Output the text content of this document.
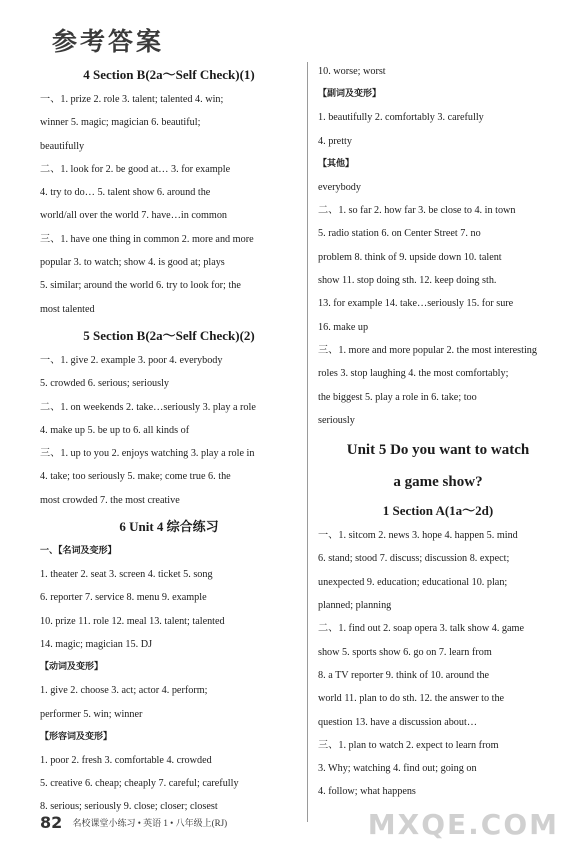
参考答案
4 Section B(2a～Self Check)(1)
一、1. prize 2. role 3. talent; talented 4. win;
winner 5. magic; magician 6. beautiful;
beautifully
二、1. look for 2. be good at… 3. for example
4. try to do… 5. talent show 6. around the
world/all over the world 7. have…in common
三、1. have one thing in common 2. more and more
popular 3. to watch; show 4. is good at; plays
5. similar; around the world 6. try to look for; the
most talented
5 Section B(2a～Self Check)(2)
一、1. give 2. example 3. poor 4. everybody
5. crowded 6. serious; seriously
二、1. on weekends 2. take…seriously 3. play a role
4. make up 5. be up to 6. all kinds of
三、1. up to you 2. enjoys watching 3. play a role in
4. take; too seriously 5. make; come true 6. the
most crowded 7. the most creative
6 Unit 4 综合练习
一、【名词及变形】
1. theater 2. seat 3. screen 4. ticket 5. song
6. reporter 7. service 8. menu 9. example
10. prize 11. role 12. meal 13. talent; talented
14. magic; magician 15. DJ
【动词及变形】
1. give 2. choose 3. act; actor 4. perform;
performer 5. win; winner
【形容词及变形】
1. poor 2. fresh 3. comfortable 4. crowded
5. creative 6. cheap; cheaply 7. careful; carefully
8. serious; seriously 9. close; closer; closest
10. worse; worst
【副词及变形】
1. beautifully 2. comfortably 3. carefully
4. pretty
【其他】
everybody
二、1. so far 2. how far 3. be close to 4. in town
5. radio station 6. on Center Street 7. no
problem 8. think of 9. upside down 10. talent
show 11. stop doing sth. 12. keep doing sth.
13. for example 14. take…seriously 15. for sure
16. make up
三、1. more and more popular 2. the most interesting
roles 3. stop laughing 4. the most comfortably;
the biggest 5. play a role in 6. take; too
seriously
Unit 5 Do you want to watch
a game show?
1 Section A(1a～2d)
一、1. sitcom 2. news 3. hope 4. happen 5. mind
6. stand; stood 7. discuss; discussion 8. expect;
unexpected 9. education; educational 10. plan;
planned; planning
二、1. find out 2. soap opera 3. talk show 4. game
show 5. sports show 6. go on 7. learn from
8. a TV reporter 9. think of 10. around the
world 11. plan to do sth. 12. the answer to the
question 13. have a discussion about…
三、1. plan to watch 2. expect to learn from
3. Why; watching 4. find out; going on
4. follow; what happens
82 名校课堂小练习 • 英语 1 • 八年级上(RJ)	MXQE.COM
